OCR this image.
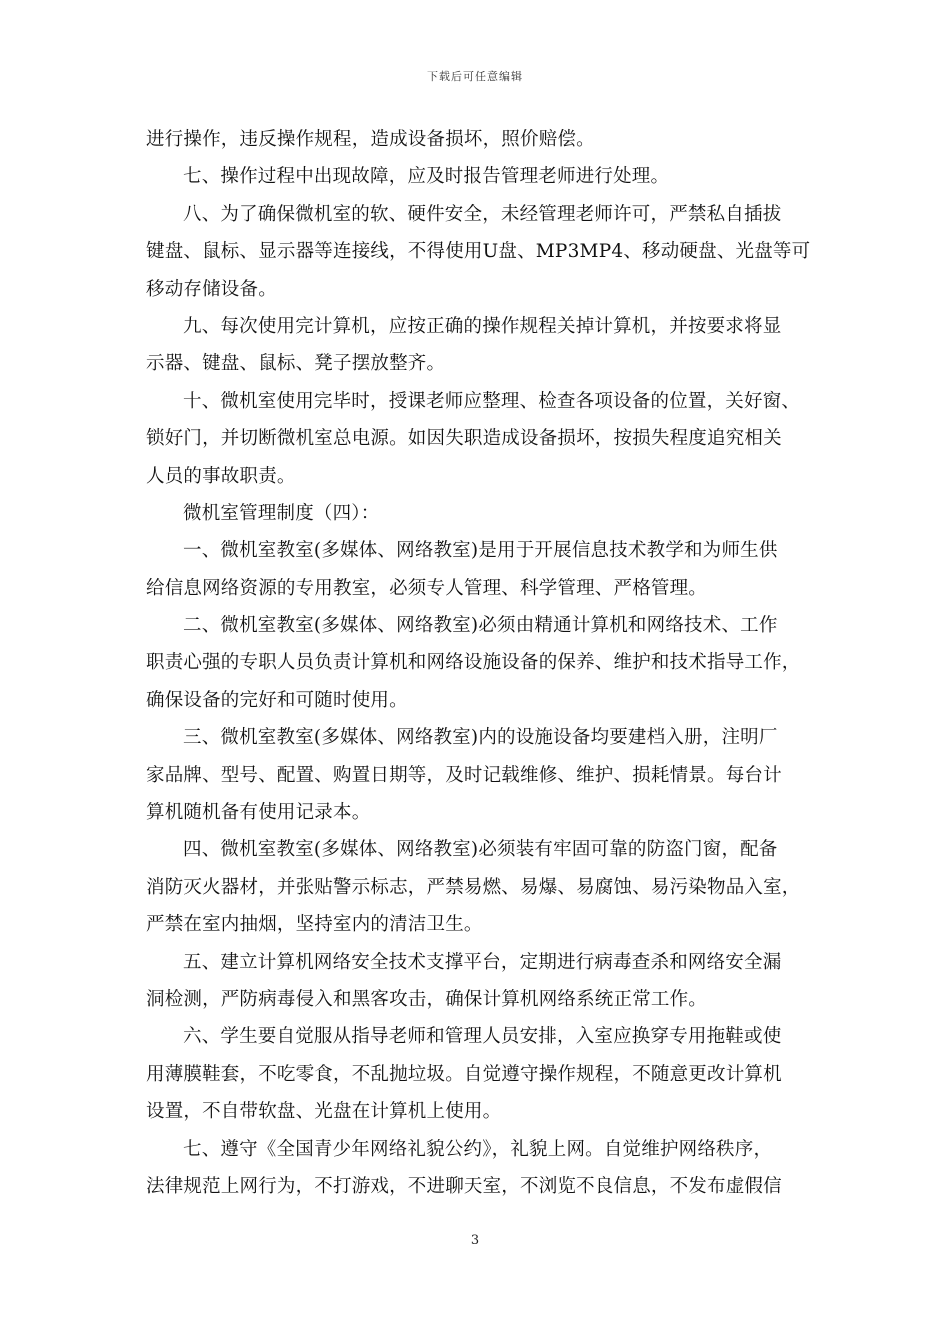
下载后可任意编辑
进行操作，违反操作规程，造成设备损坏，照价赔偿。
七、操作过程中出现故障，应及时报告管理老师进行处理。
八、为了确保微机室的软、硬件安全，未经管理老师许可，严禁私自插拔
键盘、鼠标、显示器等连接线，不得使用U盘、MP3MP4、移动硬盘、光盘等可
移动存储设备。
九、每次使用完计算机，应按正确的操作规程关掉计算机，并按要求将显
示器、键盘、鼠标、凳子摆放整齐。
十、微机室使用完毕时，授课老师应整理、检查各项设备的位置，关好窗、
锁好门，并切断微机室总电源。如因失职造成设备损坏，按损失程度追究相关
人员的事故职责。
微机室管理制度（四）：
一、微机室教室(多媒体、网络教室)是用于开展信息技术教学和为师生供
给信息网络资源的专用教室，必须专人管理、科学管理、严格管理。
二、微机室教室(多媒体、网络教室)必须由精通计算机和网络技术、工作
职责心强的专职人员负责计算机和网络设施设备的保养、维护和技术指导工作，
确保设备的完好和可随时使用。
三、微机室教室(多媒体、网络教室)内的设施设备均要建档入册，注明厂
家品牌、型号、配置、购置日期等，及时记载维修、维护、损耗情景。每台计
算机随机备有使用记录本。
四、微机室教室(多媒体、网络教室)必须装有牢固可靠的防盗门窗，配备
消防灭火器材，并张贴警示标志，严禁易燃、易爆、易腐蚀、易污染物品入室，
严禁在室内抽烟，坚持室内的清洁卫生。
五、建立计算机网络安全技术支撑平台，定期进行病毒查杀和网络安全漏
洞检测，严防病毒侵入和黑客攻击，确保计算机网络系统正常工作。
六、学生要自觉服从指导老师和管理人员安排，入室应换穿专用拖鞋或使
用薄膜鞋套，不吃零食，不乱抛垃圾。自觉遵守操作规程，不随意更改计算机
设置，不自带软盘、光盘在计算机上使用。
七、遵守《全国青少年网络礼貌公约》，礼貌上网。自觉维护网络秩序，
法律规范上网行为，不打游戏，不进聊天室，不浏览不良信息，不发布虚假信
3
